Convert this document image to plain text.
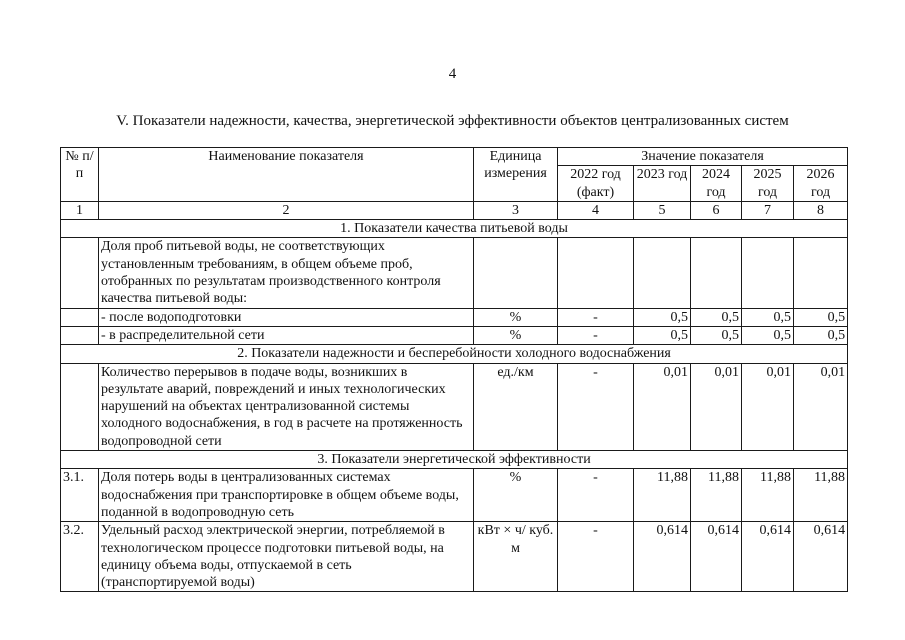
4
V. Показатели надежности, качества, энергетической эффективности объектов централизованных систем
№ п/п	Наименование показателя	Единица измерения	Значение показателя				
			2022 год (факт)	2023 год	2024 год	2025 год	2026 год
1	2	3	4	5	6	7	8
1. Показатели качества питьевой воды							
	Доля проб питьевой воды, не соответствующих установленным требованиям, в общем объеме проб, отобранных по результатам производственного контроля качества питьевой воды:						
	- после водоподготовки	%	-	0,5	0,5	0,5	0,5
	- в распределительной сети	%	-	0,5	0,5	0,5	0,5
2. Показатели надежности и бесперебойности холодного водоснабжения							
	Количество перерывов в подаче воды, возникших в результате аварий, повреждений и иных технологических нарушений на объектах централизованной системы холодного водоснабжения, в год в расчете на протяженность водопроводной сети	ед./км	-	0,01	0,01	0,01	0,01
3. Показатели энергетической эффективности							
3.1.	Доля потерь воды в централизованных системах водоснабжения при транспортировке в общем объеме воды, поданной в водопроводную сеть	%	-	11,88	11,88	11,88	11,88
3.2.	Удельный расход электрической энергии, потребляемой в технологическом процессе подготовки питьевой воды, на единицу объема воды, отпускаемой в сеть (транспортируемой воды)	кВт × ч/ куб. м	-	0,614	0,614	0,614	0,614
